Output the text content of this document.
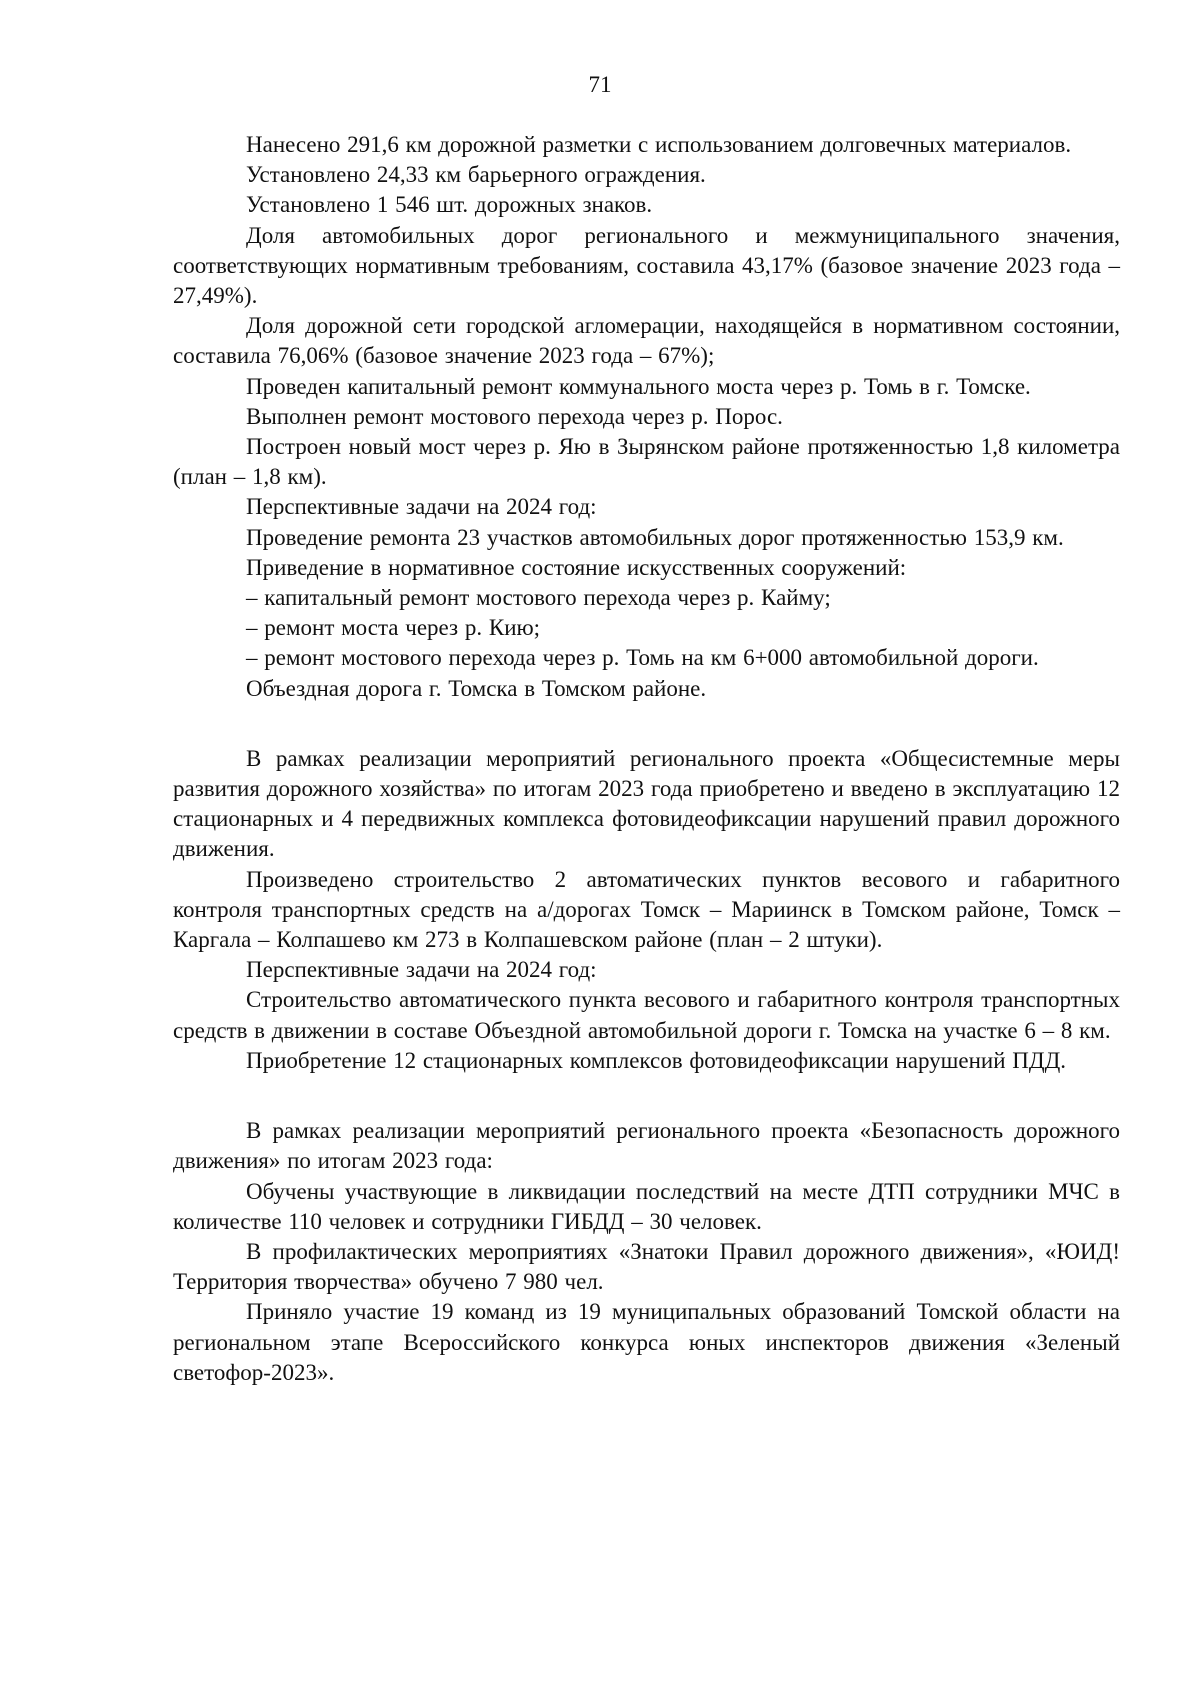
71

Нанесено 291,6 км дорожной разметки с использованием долговечных материалов.

Установлено 24,33 км барьерного ограждения.

Установлено 1 546 шт. дорожных знаков.

Доля автомобильных дорог регионального и межмуниципального значения, соответствующих нормативным требованиям, составила 43,17% (базовое значение 2023 года – 27,49%).

Доля дорожной сети городской агломерации, находящейся в нормативном состоянии, составила 76,06% (базовое значение 2023 года – 67%);

Проведен капитальный ремонт коммунального моста через р. Томь в г. Томске.

Выполнен ремонт мостового перехода через р. Порос.

Построен новый мост через р. Яю в Зырянском районе протяженностью 1,8 километра (план – 1,8 км).

Перспективные задачи на 2024 год:

Проведение ремонта 23 участков автомобильных дорог протяженностью 153,9 км.

Приведение в нормативное состояние искусственных сооружений:

– капитальный ремонт мостового перехода через р. Кайму;

– ремонт моста через р. Кию;

– ремонт мостового перехода через р. Томь на км 6+000 автомобильной дороги.

Объездная дорога г. Томска в Томском районе.

В рамках реализации мероприятий регионального проекта «Общесистемные меры развития дорожного хозяйства» по итогам 2023 года приобретено и введено в эксплуатацию 12 стационарных и 4 передвижных комплекса фотовидеофиксации нарушений правил дорожного движения.

Произведено строительство 2 автоматических пунктов весового и габаритного контроля транспортных средств на а/дорогах Томск – Мариинск в Томском районе, Томск – Каргала – Колпашево км 273 в Колпашевском районе (план – 2 штуки).

Перспективные задачи на 2024 год:

Строительство автоматического пункта весового и габаритного контроля транспортных средств в движении в составе Объездной автомобильной дороги г. Томска на участке 6 – 8 км.

Приобретение 12 стационарных комплексов фотовидеофиксации нарушений ПДД.

В рамках реализации мероприятий регионального проекта «Безопасность дорожного движения» по итогам 2023 года:

Обучены участвующие в ликвидации последствий на месте ДТП сотрудники МЧС в количестве 110 человек и сотрудники ГИБДД – 30 человек.

В профилактических мероприятиях «Знатоки Правил дорожного движения», «ЮИД! Территория творчества» обучено 7 980 чел.

Приняло участие 19 команд из 19 муниципальных образований Томской области на региональном этапе Всероссийского конкурса юных инспекторов движения «Зеленый светофор-2023».
